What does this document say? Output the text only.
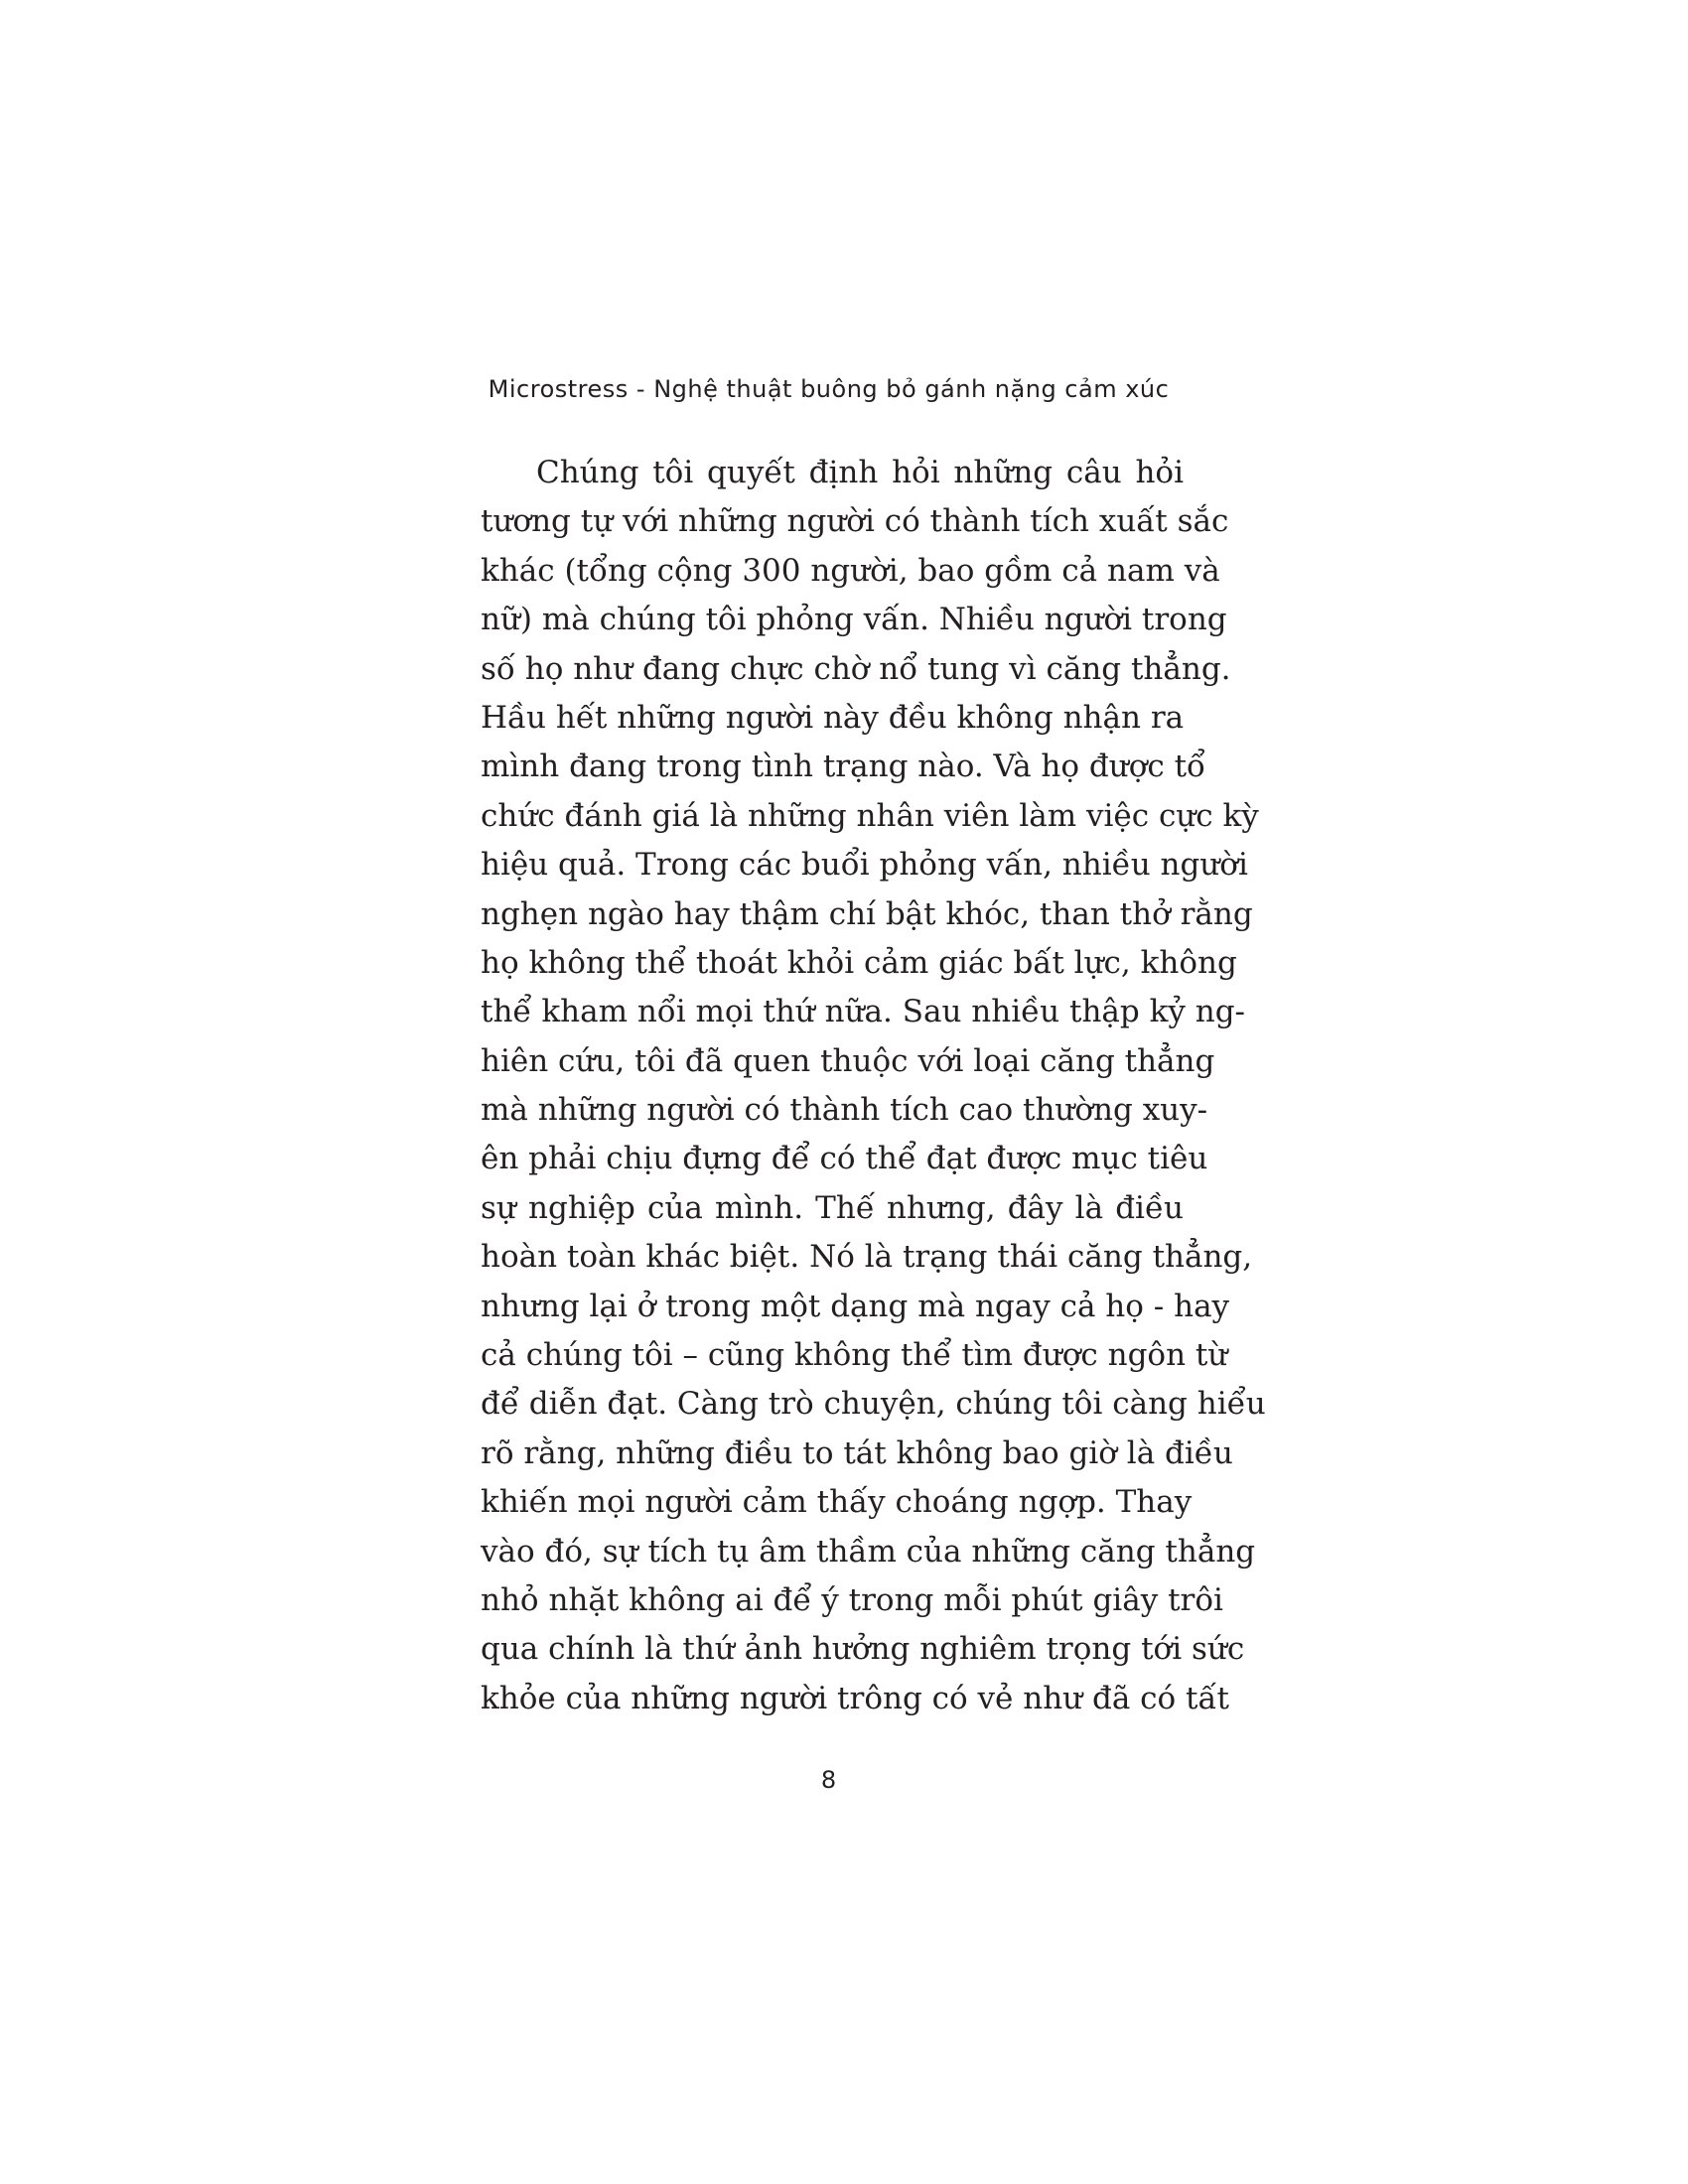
Microstress - Nghệ thuật buông bỏ gánh nặng cảm xúc

Chúng tôi quyết định hỏi những câu hỏi
tương tự với những người có thành tích xuất sắc
khác (tổng cộng 300 người, bao gồm cả nam và
nữ) mà chúng tôi phỏng vấn. Nhiều người trong
số họ như đang chực chờ nổ tung vì căng thẳng.
Hầu hết những người này đều không nhận ra
mình đang trong tình trạng nào. Và họ được tổ
chức đánh giá là những nhân viên làm việc cực kỳ
hiệu quả. Trong các buổi phỏng vấn, nhiều người
nghẹn ngào hay thậm chí bật khóc, than thở rằng
họ không thể thoát khỏi cảm giác bất lực, không
thể kham nổi mọi thứ nữa. Sau nhiều thập kỷ ng-
hiên cứu, tôi đã quen thuộc với loại căng thẳng
mà những người có thành tích cao thường xuy-
ên phải chịu đựng để có thể đạt được mục tiêu
sự nghiệp của mình. Thế nhưng, đây là điều
hoàn toàn khác biệt. Nó là trạng thái căng thẳng,
nhưng lại ở trong một dạng mà ngay cả họ - hay
cả chúng tôi – cũng không thể tìm được ngôn từ
để diễn đạt. Càng trò chuyện, chúng tôi càng hiểu
rõ rằng, những điều to tát không bao giờ là điều
khiến mọi người cảm thấy choáng ngợp. Thay
vào đó, sự tích tụ âm thầm của những căng thẳng
nhỏ nhặt không ai để ý trong mỗi phút giây trôi
qua chính là thứ ảnh hưởng nghiêm trọng tới sức
khỏe của những người trông có vẻ như đã có tất

8
